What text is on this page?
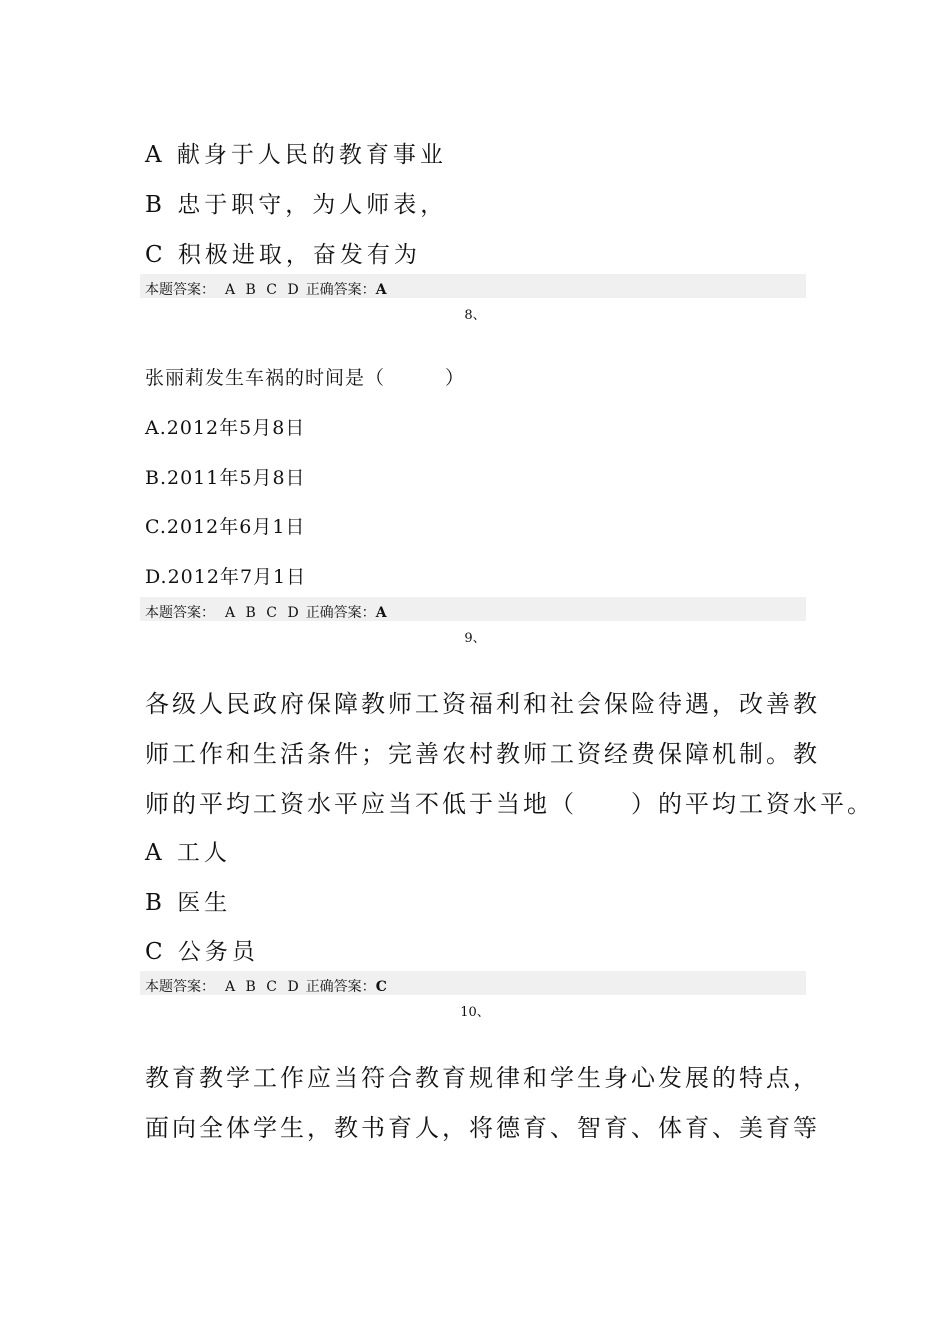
A 献身于人民的教育事业

B 忠于职守，为人师表，

C 积极进取，奋发有为

本题答案： A B C D 正确答案：A
8、

张丽莉发生车祸的时间是（　　　）

A.2012年5月8日

B.2011年5月8日

C.2012年6月1日

D.2012年7月1日

本题答案： A B C D 正确答案：A
9、

各级人民政府保障教师工资福利和社会保险待遇，改善教

师工作和生活条件；完善农村教师工资经费保障机制。教

师的平均工资水平应当不低于当地（　　）的平均工资水平。

A 工人

B 医生

C 公务员

本题答案： A B C D 正确答案：C
10、

教育教学工作应当符合教育规律和学生身心发展的特点，

面向全体学生，教书育人，将德育、智育、体育、美育等
